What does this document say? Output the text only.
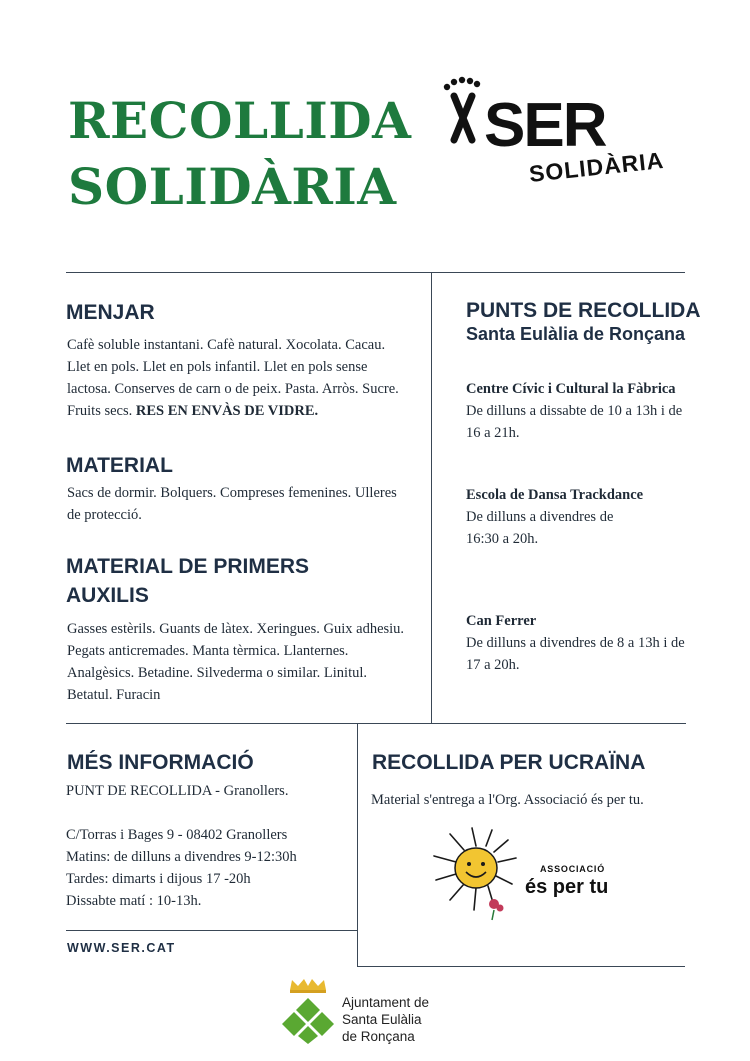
RECOLLIDA
SOLIDÀRIA
SER
SOLIDÀRIA
MENJAR

Cafè soluble instantani. Cafè natural. Xocolata. Cacau. Llet en pols. Llet en pols infantil. Llet en pols sense lactosa. Conserves de carn o de peix. Pasta. Arròs. Sucre. Fruits secs. RES EN ENVÀS DE VIDRE.

MATERIAL

Sacs de dormir. Bolquers. Compreses femenines. Ulleres de protecció.

MATERIAL DE PRIMERS
AUXILIS

Gasses estèrils. Guants de làtex. Xeringues. Guix adhesiu. Pegats anticremades. Manta tèrmica. Llanternes. Analgèsics. Betadine. Silvederma o similar. Linitul. Betatul. Furacin

PUNTS DE RECOLLIDA
Santa Eulàlia de Ronçana

Centre Cívic i Cultural la Fàbrica

De dilluns a dissabte de 10 a 13h i de 16 a 21h.

Escola de Dansa Trackdance

De dilluns a divendres de 16:30 a 20h.

Can Ferrer

De dilluns a divendres de 8 a 13h i de 17 a 20h.

MÉS INFORMACIÓ

PUNT DE RECOLLIDA - Granollers.

C/Torras i Bages 9 - 08402 Granollers

Matins: de dilluns a divendres 9-12:30h

Tardes: dimarts i dijous 17 -20h

Dissabte matí : 10-13h.

WWW.SER.CAT
RECOLLIDA PER UCRAÏNA

Material s'entrega a l'Org. Associació és per tu.

ASSOCIACIÓ
és per tu
Ajuntament de
Santa Eulàlia
de Ronçana
